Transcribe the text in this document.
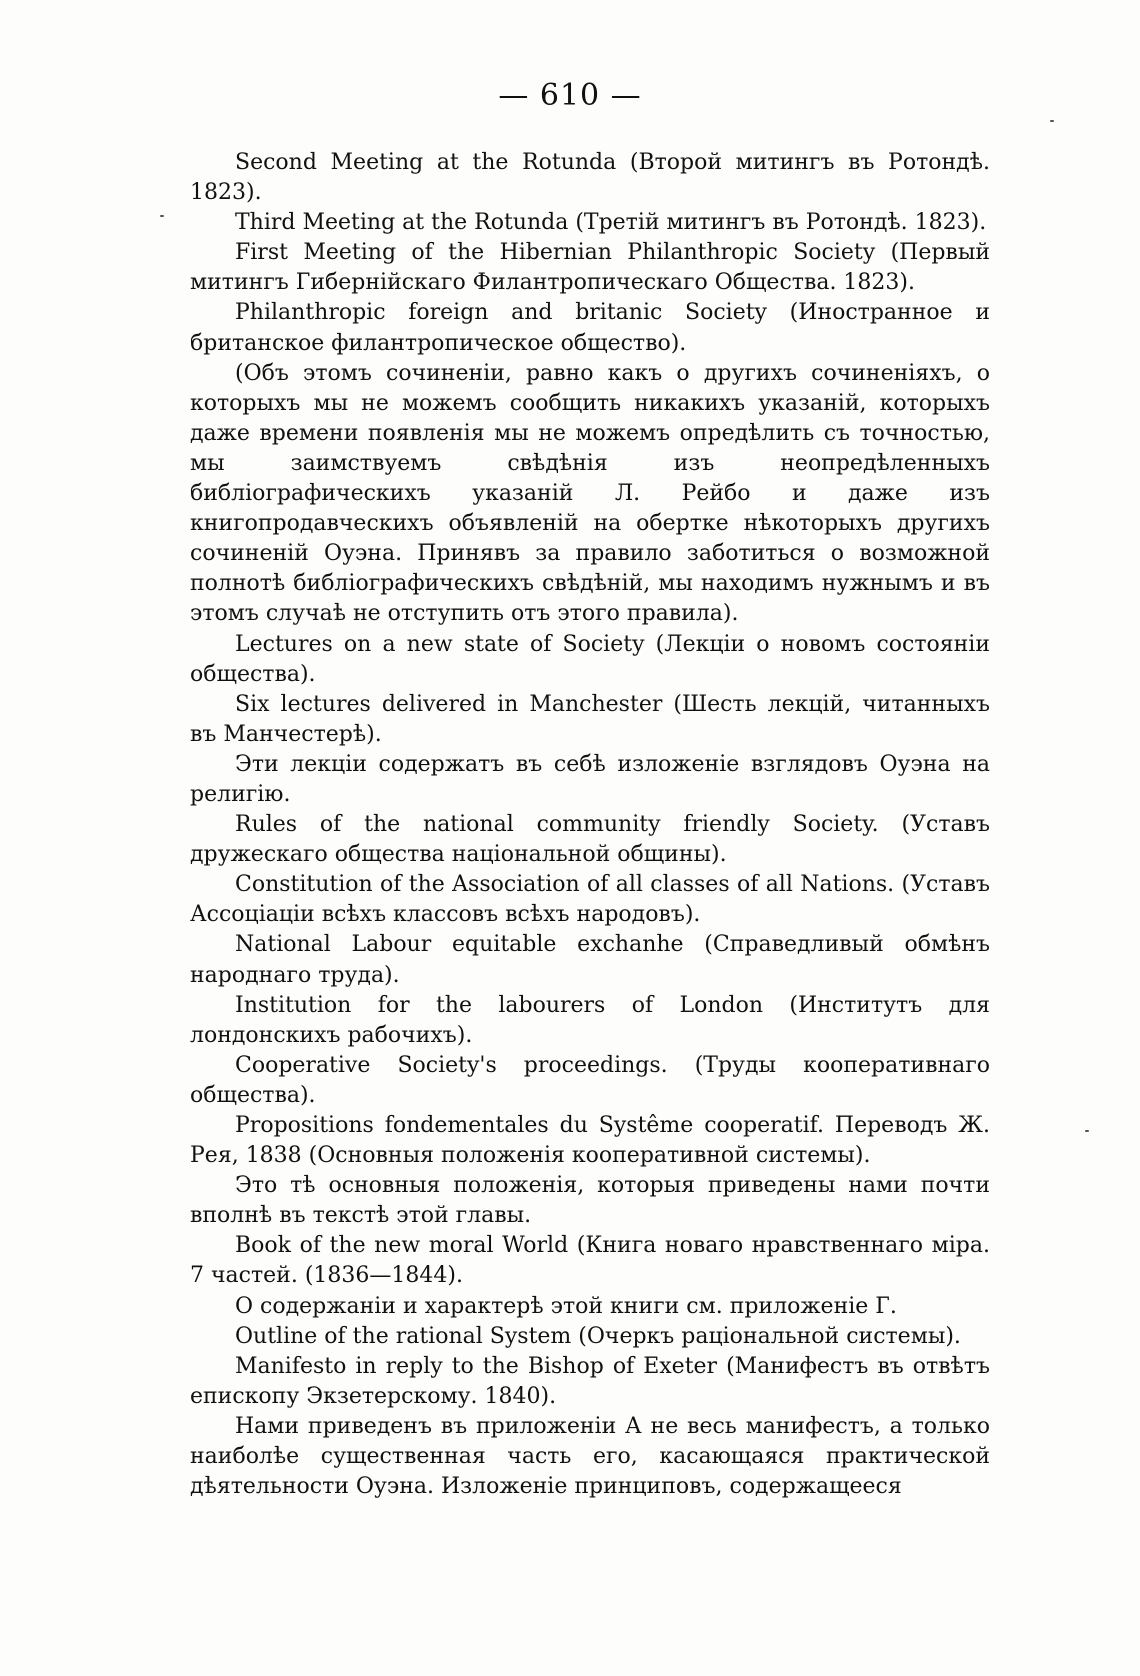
— 610 —

Second Meeting at the Rotunda (Второй митингъ въ Ротондѣ. 1823).

Third Meeting at the Rotunda (Третій митингъ въ Ротондѣ. 1823).

First Meeting of the Hibernian Philanthropic Society (Первый митингъ Гибернійскаго Филантропическаго Общества. 1823).

Philanthropic foreign and britanic Society (Иностранное и британское филантропическое общество).

(Объ этомъ сочиненіи, равно какъ о другихъ сочиненіяхъ, о которыхъ мы не можемъ сообщить никакихъ указаній, которыхъ даже времени появленія мы не можемъ опредѣлить съ точностью, мы заимствуемъ свѣдѣнія изъ неопредѣленныхъ библіографическихъ указаній Л. Рейбо и даже изъ книгопродавческихъ объявленій на обертке нѣкоторыхъ другихъ сочиненій Оуэна. Принявъ за правило заботиться о возможной полнотѣ библіографическихъ свѣдѣній, мы находимъ нужнымъ и въ этомъ случаѣ не отступить отъ этого правила).

Lectures on a new state of Society (Лекціи о новомъ состояніи общества).

Six lectures delivered in Manchester (Шесть лекцій, читанныхъ въ Манчестерѣ).

Эти лекціи содержатъ въ себѣ изложеніе взглядовъ Оуэна на религію.

Rules of the national community friendly Society. (Уставъ дружескаго общества національной общины).

Constitution of the Association of all classes of all Nations. (Уставъ Ассоціаціи всѣхъ классовъ всѣхъ народовъ).

National Labour equitable exchanhe (Справедливый обмѣнъ народнаго труда).

Institution for the labourers of London (Институтъ для лондонскихъ рабочихъ).

Cooperative Society's proceedings. (Труды кооперативнаго общества).

Propositions fondementales du Systême cooperatif. Переводъ Ж. Рея, 1838 (Основныя положенія кооперативной системы).

Это тѣ основныя положенія, которыя приведены нами почти вполнѣ въ текстѣ этой главы.

Book of the new moral World (Книга новаго нравственнаго міра. 7 частей. (1836—1844).

О содержаніи и характерѣ этой книги см. приложеніе Г.

Outline of the rational System (Очеркъ раціональной системы).

Manifesto in reply to the Bishop of Exeter (Манифестъ въ отвѣтъ епископу Экзетерскому. 1840).

Нами приведенъ въ приложеніи А не весь манифестъ, а только наиболѣе существенная часть его, касающаяся практической дѣятельности Оуэна. Изложеніе принциповъ, содержащееся
